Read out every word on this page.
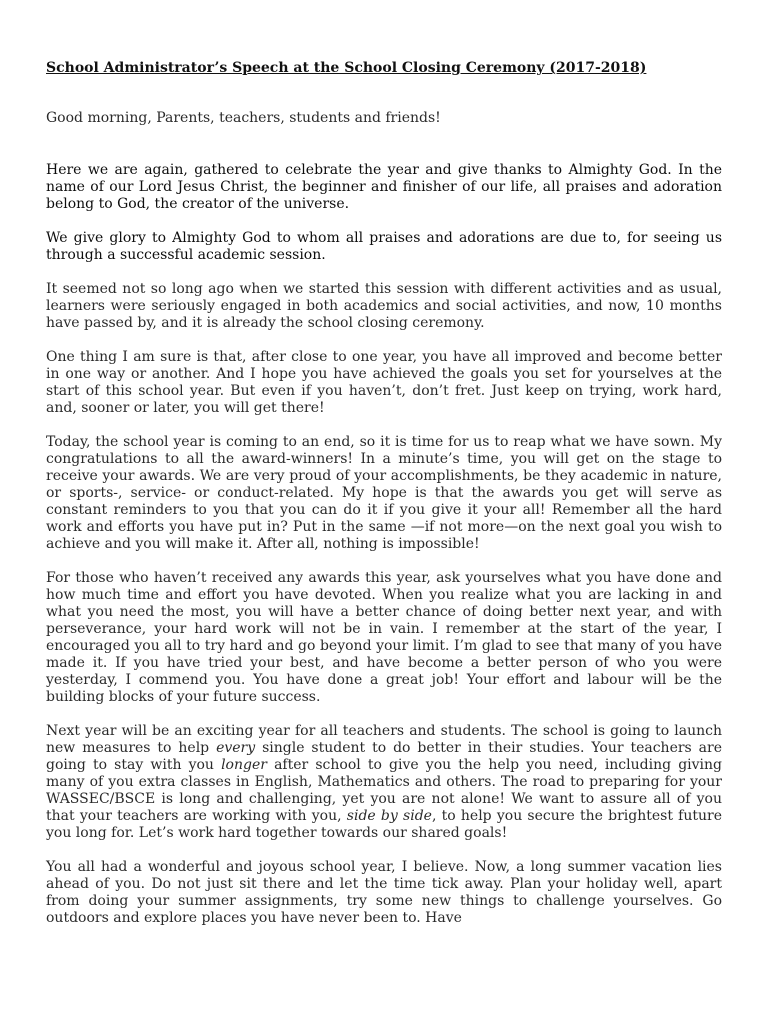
School Administrator’s Speech at the School Closing Ceremony (2017-2018)
Good morning, Parents, teachers, students and friends!

Here we are again, gathered to celebrate the year and give thanks to Almighty God. In the name of our Lord Jesus Christ, the beginner and finisher of our life, all praises and adoration belong to God, the creator of the universe.

We give glory to Almighty God to whom all praises and adorations are due to, for seeing us through a successful academic session.

It seemed not so long ago when we started this session with different activities and as usual, learners were seriously engaged in both academics and social activities, and now, 10 months have passed by, and it is already the school closing ceremony.

One thing I am sure is that, after close to one year, you have all improved and become better in one way or another. And I hope you have achieved the goals you set for yourselves at the start of this school year. But even if you haven’t, don’t fret. Just keep on trying, work hard, and, sooner or later, you will get there!

Today, the school year is coming to an end, so it is time for us to reap what we have sown. My congratulations to all the award-winners! In a minute’s time, you will get on the stage to receive your awards. We are very proud of your accomplishments, be they academic in nature, or sports-, service- or conduct-related. My hope is that the awards you get will serve as constant reminders to you that you can do it if you give it your all! Remember all the hard work and efforts you have put in? Put in the same —if not more—on the next goal you wish to achieve and you will make it. After all, nothing is impossible!

For those who haven’t received any awards this year, ask yourselves what you have done and how much time and effort you have devoted. When you realize what you are lacking in and what you need the most, you will have a better chance of doing better next year, and with perseverance, your hard work will not be in vain. I remember at the start of the year, I encouraged you all to try hard and go beyond your limit. I’m glad to see that many of you have made it. If you have tried your best, and have become a better person of who you were yesterday, I commend you. You have done a great job! Your effort and labour will be the building blocks of your future success.

Next year will be an exciting year for all teachers and students. The school is going to launch new measures to help every single student to do better in their studies. Your teachers are going to stay with you longer after school to give you the help you need, including giving many of you extra classes in English, Mathematics and others. The road to preparing for your WASSEC/BSCE is long and challenging, yet you are not alone! We want to assure all of you that your teachers are working with you, side by side, to help you secure the brightest future you long for. Let’s work hard together towards our shared goals!

You all had a wonderful and joyous school year, I believe. Now, a long summer vacation lies ahead of you. Do not just sit there and let the time tick away. Plan your holiday well, apart from doing your summer assignments, try some new things to challenge yourselves. Go outdoors and explore places you have never been to. Have
